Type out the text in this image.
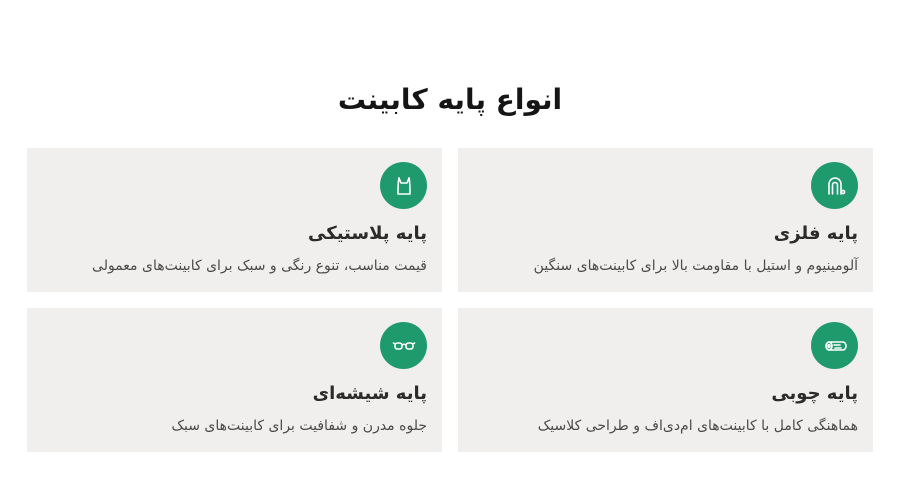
انواع پایه کابینت
پایه فلزی
آلومینیوم و استیل با مقاومت بالا برای کابینت‌های سنگین
پایه پلاستیکی
قیمت مناسب، تنوع رنگی و سبک برای کابینت‌های معمولی
پایه چوبی
هماهنگی کامل با کابینت‌های ام‌دی‌اف و طراحی کلاسیک
پایه شیشه‌ای
جلوه مدرن و شفافیت برای کابینت‌های سبک
